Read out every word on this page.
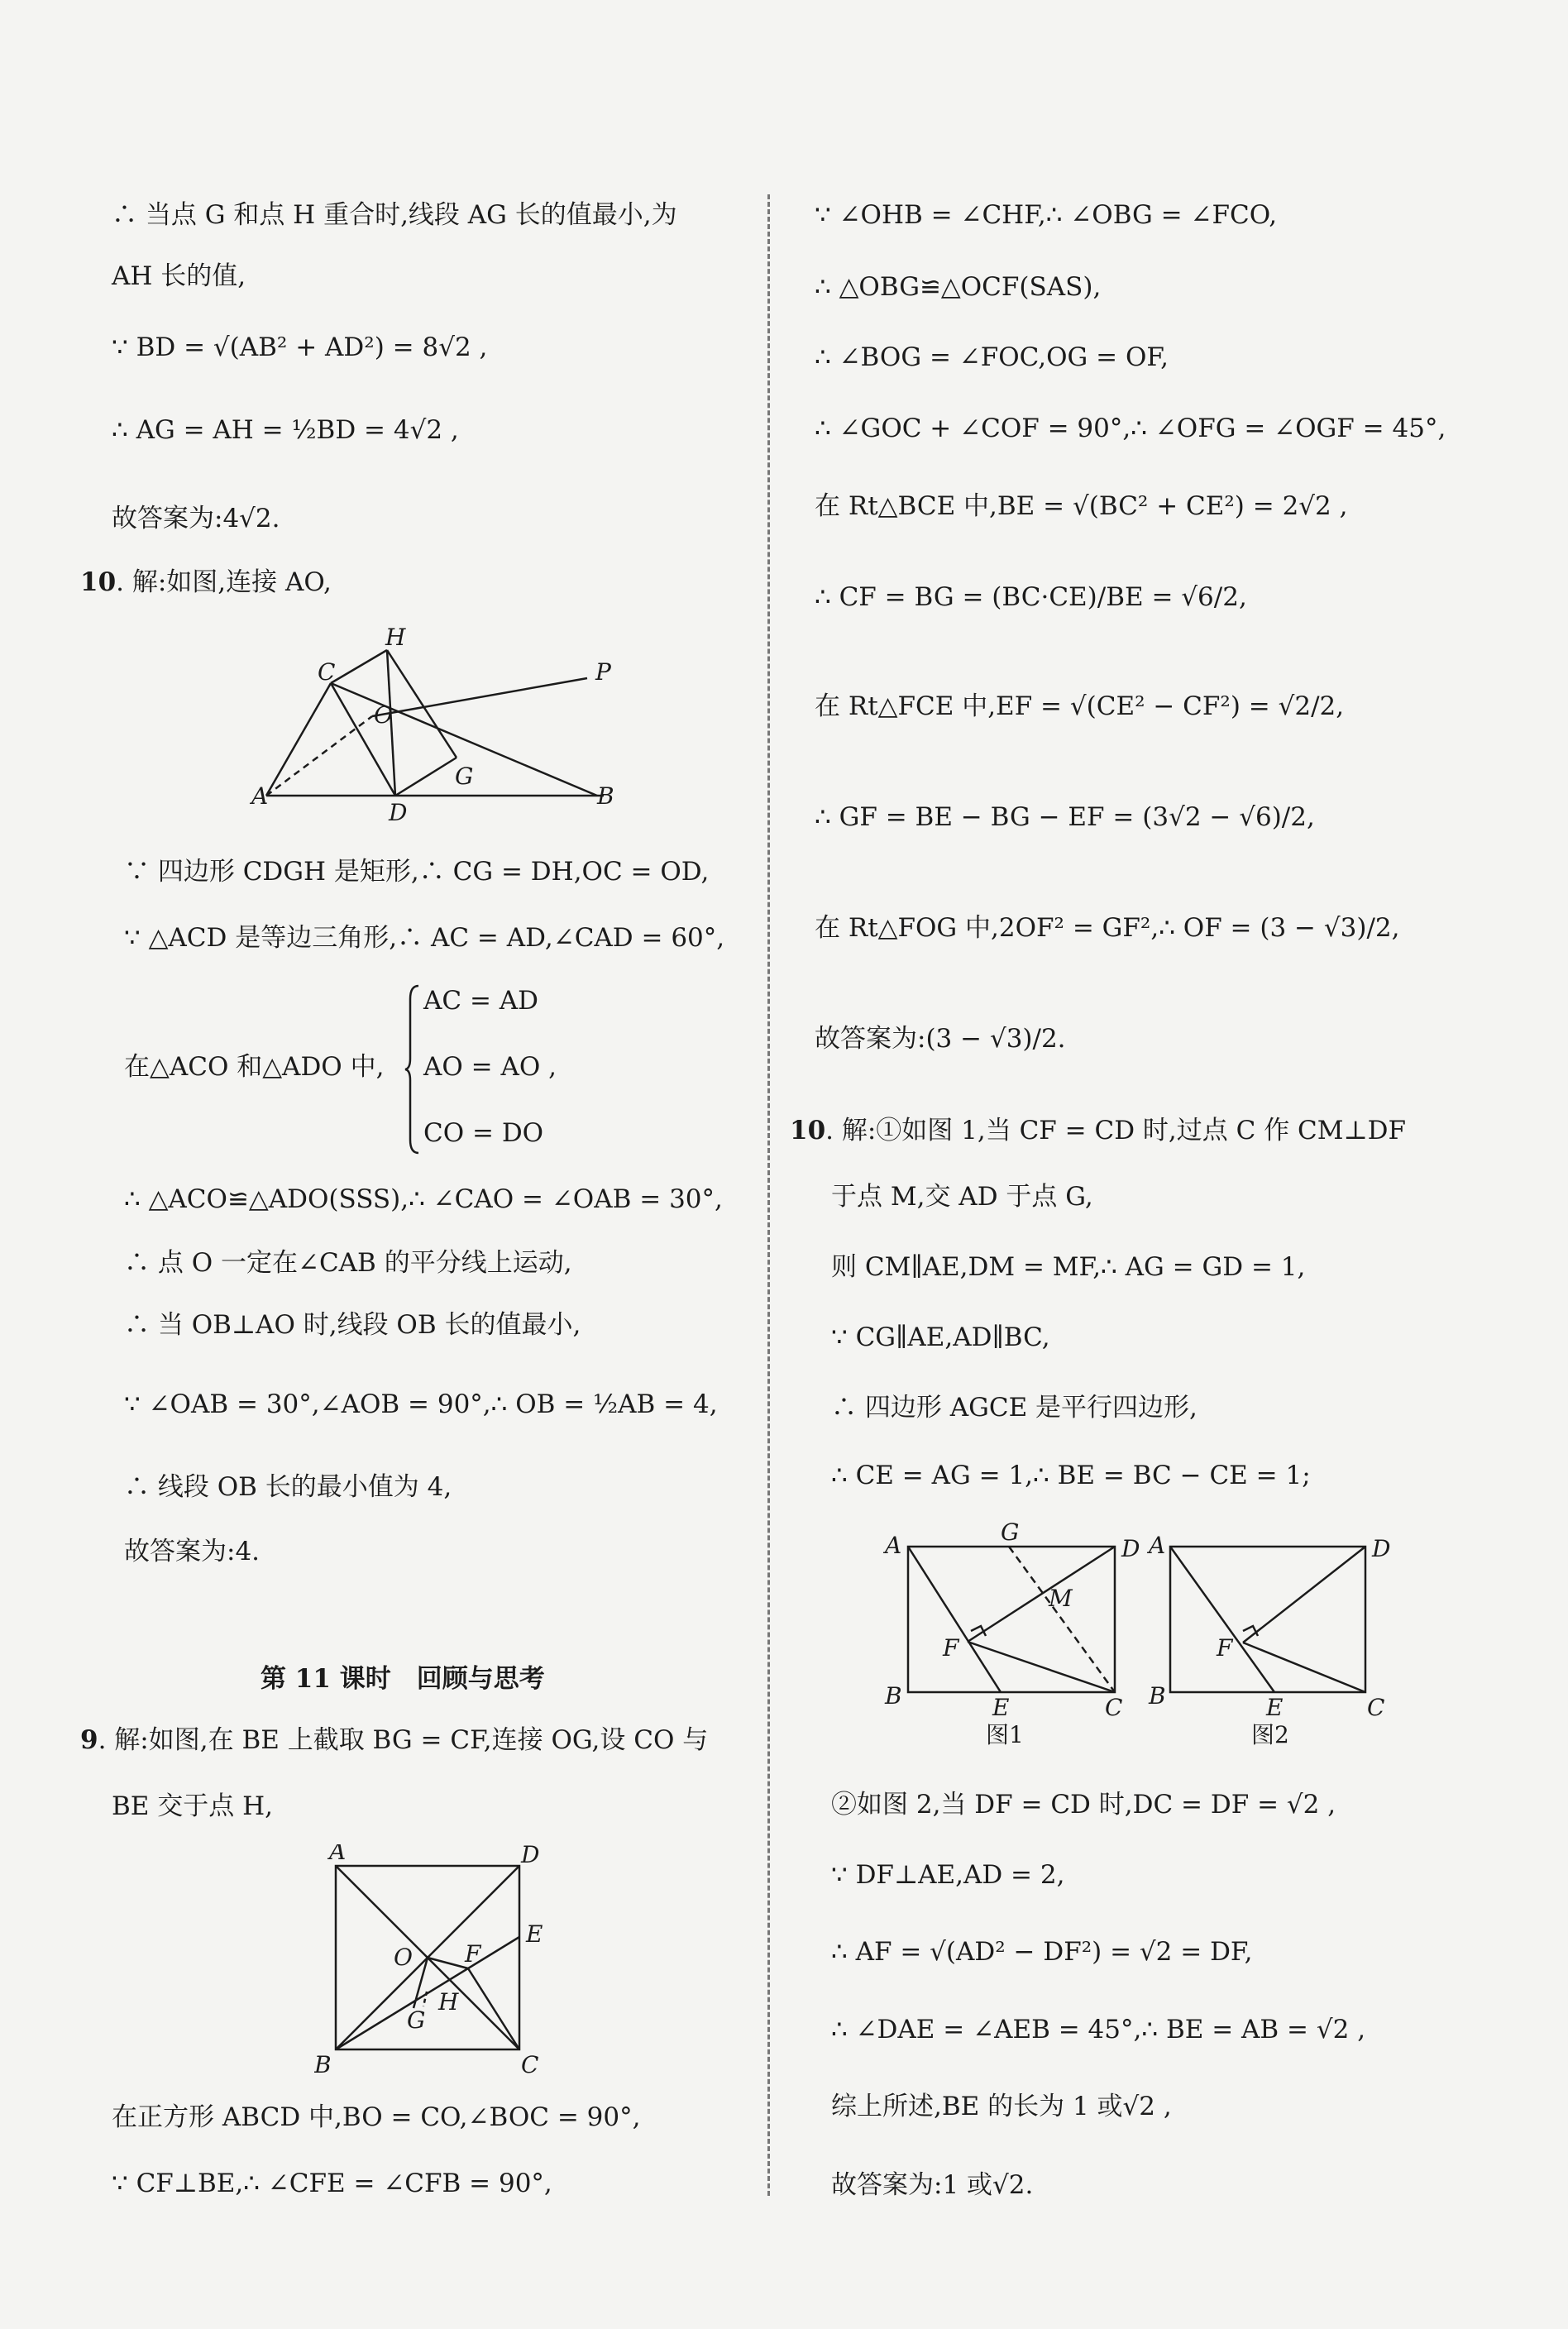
∴ 当点 G 和点 H 重合时,线段 AG 长的值最小,为
AH 长的值,
∵ BD = √(AB² + AD²) = 8√2 ,
∴ AG = AH = ½BD = 4√2 ,
故答案为:4√2.
10. 解:如图,连接 AO,
A	B
C
D
H
O
G
P
∵ 四边形 CDGH 是矩形,∴ CG = DH,OC = OD,
∵ △ACD 是等边三角形,∴ AC = AD,∠CAD = 60°,
在△ACO 和△ADO 中,
AC = AD
AO = AO ,
CO = DO
∴ △ACO≌△ADO(SSS),∴ ∠CAO = ∠OAB = 30°,
∴ 点 O 一定在∠CAB 的平分线上运动,
∴ 当 OB⊥AO 时,线段 OB 长的值最小,
∵ ∠OAB = 30°,∠AOB = 90°,∴ OB = ½AB = 4,
∴ 线段 OB 长的最小值为 4,
故答案为:4.
第 11 课时　回顾与思考
9. 解:如图,在 BE 上截取 BG = CF,连接 OG,设 CO 与
BE 交于点 H,
A	D
B	C
E
F
O
H
G
在正方形 ABCD 中,BO = CO,∠BOC = 90°,
∵ CF⊥BE,∴ ∠CFE = ∠CFB = 90°,
∵ ∠OHB = ∠CHF,∴ ∠OBG = ∠FCO,
∴ △OBG≌△OCF(SAS),
∴ ∠BOG = ∠FOC,OG = OF,
∴ ∠GOC + ∠COF = 90°,∴ ∠OFG = ∠OGF = 45°,
在 Rt△BCE 中,BE = √(BC² + CE²) = 2√2 ,
∴ CF = BG = (BC·CE)/BE = √6/2,
在 Rt△FCE 中,EF = √(CE² − CF²) = √2/2,
∴ GF = BE − BG − EF = (3√2 − √6)/2,
在 Rt△FOG 中,2OF² = GF²,∴ OF = (3 − √3)/2,
故答案为:(3 − √3)/2.
10. 解:①如图 1,当 CF = CD 时,过点 C 作 CM⊥DF
于点 M,交 AD 于点 G,
则 CM∥AE,DM = MF,∴ AG = GD = 1,
∵ CG∥AE,AD∥BC,
∴ 四边形 AGCE 是平行四边形,
∴ CE = AG = 1,∴ BE = BC − CE = 1;
A	G
D
M
F
B	E	C
图1
A	D
F
B	E	C
图2
②如图 2,当 DF = CD 时,DC = DF = √2 ,
∵ DF⊥AE,AD = 2,
∴ AF = √(AD² − DF²) = √2 = DF,
∴ ∠DAE = ∠AEB = 45°,∴ BE = AB = √2 ,
综上所述,BE 的长为 1 或√2 ,
故答案为:1 或√2.
